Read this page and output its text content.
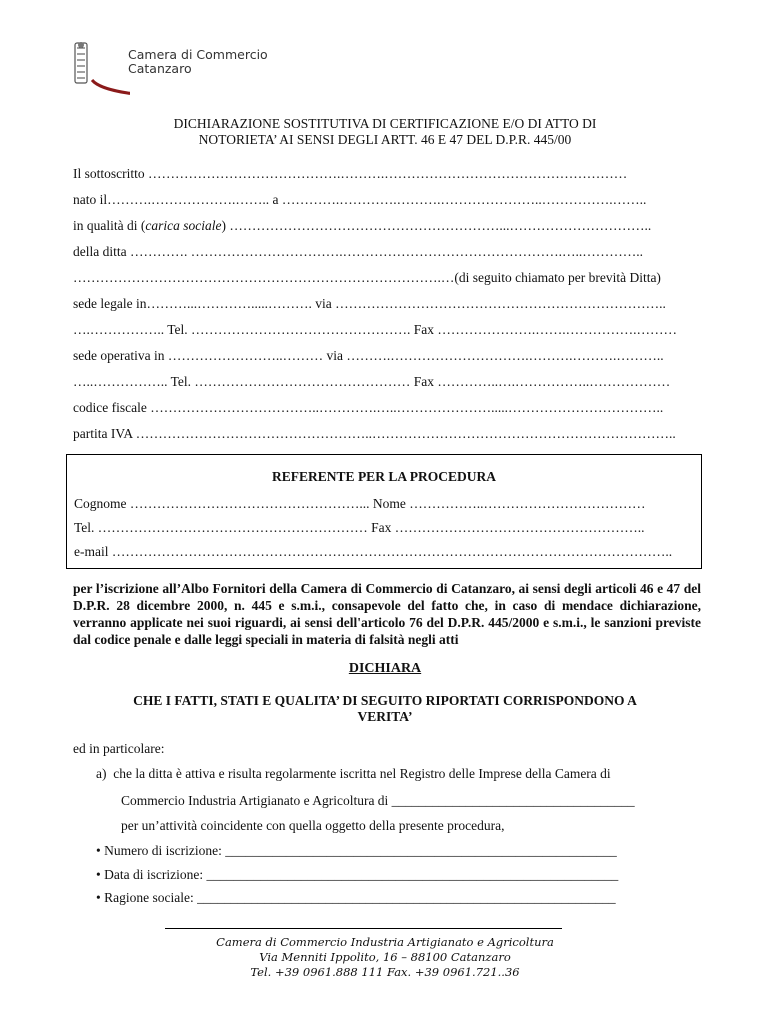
Camera di Commercio
Catanzaro
DICHIARAZIONE SOSTITUTIVA DI CERTIFICAZIONE E/O DI ATTO DI
NOTORIETA’ AI SENSI DEGLI ARTT. 46 E 47 DEL D.P.R. 445/00
Il sottoscritto …………………………………….……….………………………………………………
nato il……….……………….…….. a ………….………….……….…………………..…………….……..
in qualità di (carica sociale) ……………………………………………………...…………………………..
della ditta …………. …………………………….………………………………………….…..…………..
……………………………………………………………………….…(di seguito chiamato per brevità Ditta)
sede legale in………...………….....………. via ………………………………………………………………..
….…………….. Tel. …………………………………………. Fax ………………….…….…………….………
sede operativa in ……………………..……… via ……….………………………….……….……….………..
…..…………….. Tel. ………………………………………… Fax …………..….……………..………………
codice fiscale ………………………………..………….…..………………….....……………………………..
partita IVA ……………………………………………..…………………………………………………………..
REFERENTE PER LA PROCEDURA
Cognome ……………………………………………... Nome ……………..………………………………
Tel. …………………………………………………… Fax ………………………………………………..
e-mail ……………………………………………………………………………………………………………..
per l’iscrizione all’Albo Fornitori della Camera di Commercio di Catanzaro, ai sensi degli articoli 46 e 47 del D.P.R. 28 dicembre 2000, n. 445 e s.m.i., consapevole del fatto che, in caso di mendace dichiarazione, verranno applicate nei suoi riguardi, ai sensi dell'articolo 76 del D.P.R. 445/2000 e s.m.i., le sanzioni previste dal codice penale e dalle leggi speciali in materia di falsità negli atti
DICHIARA
CHE I FATTI, STATI E QUALITA’ DI SEGUITO RIPORTATI CORRISPONDONO A
VERITA’
ed in particolare:
a) che la ditta è attiva e risulta regolarmente iscritta nel Registro delle Imprese della Camera di
Commercio Industria Artigianato e Agricoltura di ____________________________________
per un’attività coincidente con quella oggetto della presente procedura,
• Numero di iscrizione: __________________________________________________________
• Data di iscrizione: _____________________________________________________________
• Ragione sociale: ______________________________________________________________
Camera di Commercio Industria Artigianato e Agricoltura
Via Menniti Ippolito, 16 – 88100 Catanzaro
Tel. +39 0961.888 111 Fax. +39 0961.721..36
